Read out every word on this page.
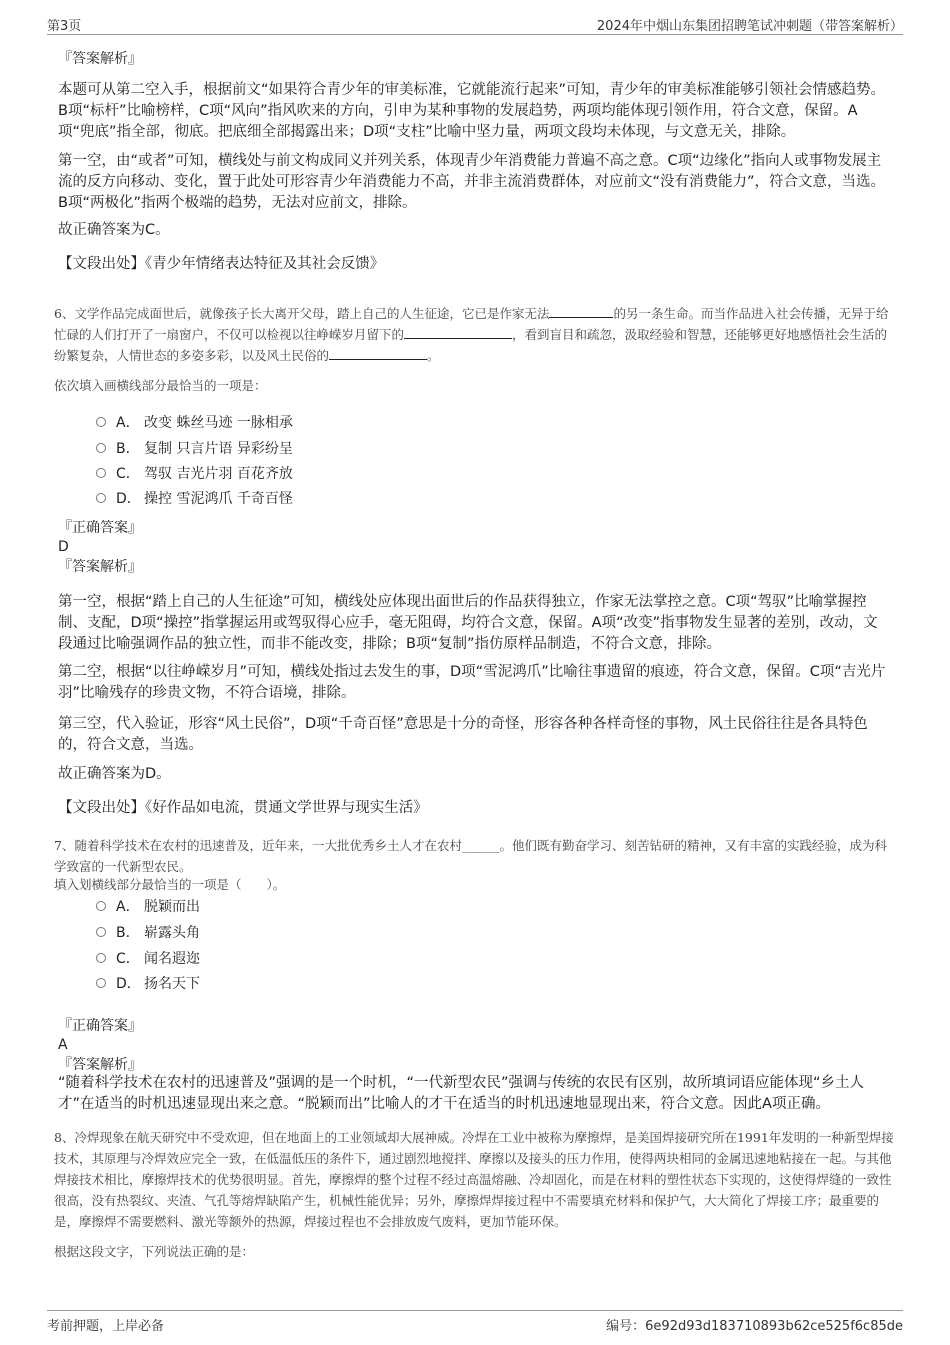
第3页	2024年中烟山东集团招聘笔试冲刺题（带答案解析）
『答案解析』
本题可从第二空入手，根据前文“如果符合青少年的审美标准，它就能流行起来”可知，青少年的审美标准能够引领社会情感趋势。B项“标杆”比喻榜样，C项“风向”指风吹来的方向，引申为某种事物的发展趋势，两项均能体现引领作用，符合文意，保留。A项“兜底”指全部，彻底。把底细全部揭露出来；D项“支柱”比喻中坚力量，两项文段均未体现，与文意无关，排除。
第一空，由“或者”可知，横线处与前文构成同义并列关系，体现青少年消费能力普遍不高之意。C项“边缘化”指向人或事物发展主流的反方向移动、变化，置于此处可形容青少年消费能力不高，并非主流消费群体，对应前文“没有消费能力”，符合文意，当选。B项“两极化”指两个极端的趋势，无法对应前文，排除。
故正确答案为C。
【文段出处】《青少年情绪表达特征及其社会反馈》
6、文学作品完成面世后，就像孩子长大离开父母，踏上自己的人生征途，它已是作家无法	的另一条生命。而当作品进入社会传播，无异于给忙碌的人们打开了一扇窗户，不仅可以检视以往峥嵘岁月留下的	，看到盲目和疏忽，汲取经验和智慧，还能够更好地感悟社会生活的纷繁复杂，人情世态的多姿多彩，以及风土民俗的	。
依次填入画横线部分最恰当的一项是：
A． 改变 蛛丝马迹 一脉相承
B． 复制 只言片语 异彩纷呈
C． 驾驭 吉光片羽 百花齐放
D． 操控 雪泥鸿爪 千奇百怪
『正确答案』
D
『答案解析』
第一空，根据“踏上自己的人生征途”可知，横线处应体现出面世后的作品获得独立，作家无法掌控之意。C项“驾驭”比喻掌握控制、支配，D项“操控”指掌握运用或驾驭得心应手，毫无阻碍，均符合文意，保留。A项“改变”指事物发生显著的差别，改动，文段通过比喻强调作品的独立性，而非不能改变，排除；B项“复制”指仿原样品制造，不符合文意，排除。
第二空，根据“以往峥嵘岁月”可知，横线处指过去发生的事，D项“雪泥鸿爪”比喻往事遗留的痕迹，符合文意，保留。C项“吉光片羽”比喻残存的珍贵文物，不符合语境，排除。
第三空，代入验证，形容“风土民俗”，D项“千奇百怪”意思是十分的奇怪，形容各种各样奇怪的事物，风土民俗往往是各具特色的，符合文意，当选。
故正确答案为D。
【文段出处】《好作品如电流，贯通文学世界与现实生活》
7、随着科学技术在农村的迅速普及，近年来，一大批优秀乡土人才在农村______。他们既有勤奋学习、刻苦钻研的精神，又有丰富的实践经验，成为科学致富的一代新型农民。
填入划横线部分最恰当的一项是（　　）。
A． 脱颖而出
B． 崭露头角
C． 闻名遐迩
D． 扬名天下
『正确答案』
A
『答案解析』
“随着科学技术在农村的迅速普及”强调的是一个时机，“一代新型农民”强调与传统的农民有区别，故所填词语应能体现“乡土人才”在适当的时机迅速显现出来之意。“脱颖而出”比喻人的才干在适当的时机迅速地显现出来，符合文意。因此A项正确。
8、冷焊现象在航天研究中不受欢迎，但在地面上的工业领域却大展神威。冷焊在工业中被称为摩擦焊，是美国焊接研究所在1991年发明的一种新型焊接技术，其原理与冷焊效应完全一致，在低温低压的条件下，通过剧烈地搅拌、摩擦以及接头的压力作用，使得两块相同的金属迅速地粘接在一起。与其他焊接技术相比，摩擦焊技术的优势很明显。首先，摩擦焊的整个过程不经过高温熔融、冷却固化，而是在材料的塑性状态下实现的，这使得焊缝的一致性很高，没有热裂纹、夹渣、气孔等熔焊缺陷产生，机械性能优异；另外，摩擦焊焊接过程中不需要填充材料和保护气，大大简化了焊接工序；最重要的是，摩擦焊不需要燃料、激光等额外的热源，焊接过程也不会排放废气废料，更加节能环保。
根据这段文字，下列说法正确的是：
考前押题，上岸必备	编号：6e92d93d183710893b62ce525f6c85de
